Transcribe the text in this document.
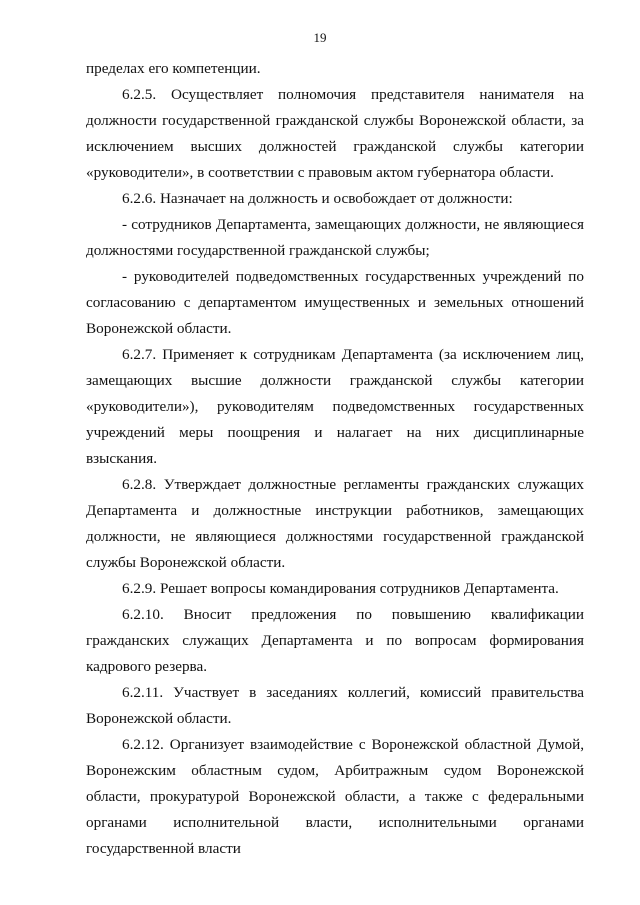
19

пределах его компетенции.

6.2.5. Осуществляет полномочия представителя нанимателя на должности государственной гражданской службы Воронежской области, за исключением высших должностей гражданской службы категории «руководители», в соответствии с правовым актом губернатора области.

6.2.6. Назначает на должность и освобождает от должности:

- сотрудников Департамента, замещающих должности, не являющиеся должностями государственной гражданской службы;

- руководителей подведомственных государственных учреждений по согласованию с департаментом имущественных и земельных отношений Воронежской области.

6.2.7. Применяет к сотрудникам Департамента (за исключением лиц, замещающих высшие должности гражданской службы категории «руководители»), руководителям подведомственных государственных учреждений меры поощрения и налагает на них дисциплинарные взыскания.

6.2.8. Утверждает должностные регламенты гражданских служащих Департамента и должностные инструкции работников, замещающих должности, не являющиеся должностями государственной гражданской службы Воронежской области.

6.2.9. Решает вопросы командирования сотрудников Департамента.

6.2.10. Вносит предложения по повышению квалификации гражданских служащих Департамента и по вопросам формирования кадрового резерва.

6.2.11. Участвует в заседаниях коллегий, комиссий правительства Воронежской области.

6.2.12. Организует взаимодействие с Воронежской областной Думой, Воронежским областным судом, Арбитражным судом Воронежской области, прокуратурой Воронежской области, а также с федеральными органами исполнительной власти, исполнительными органами государственной власти
